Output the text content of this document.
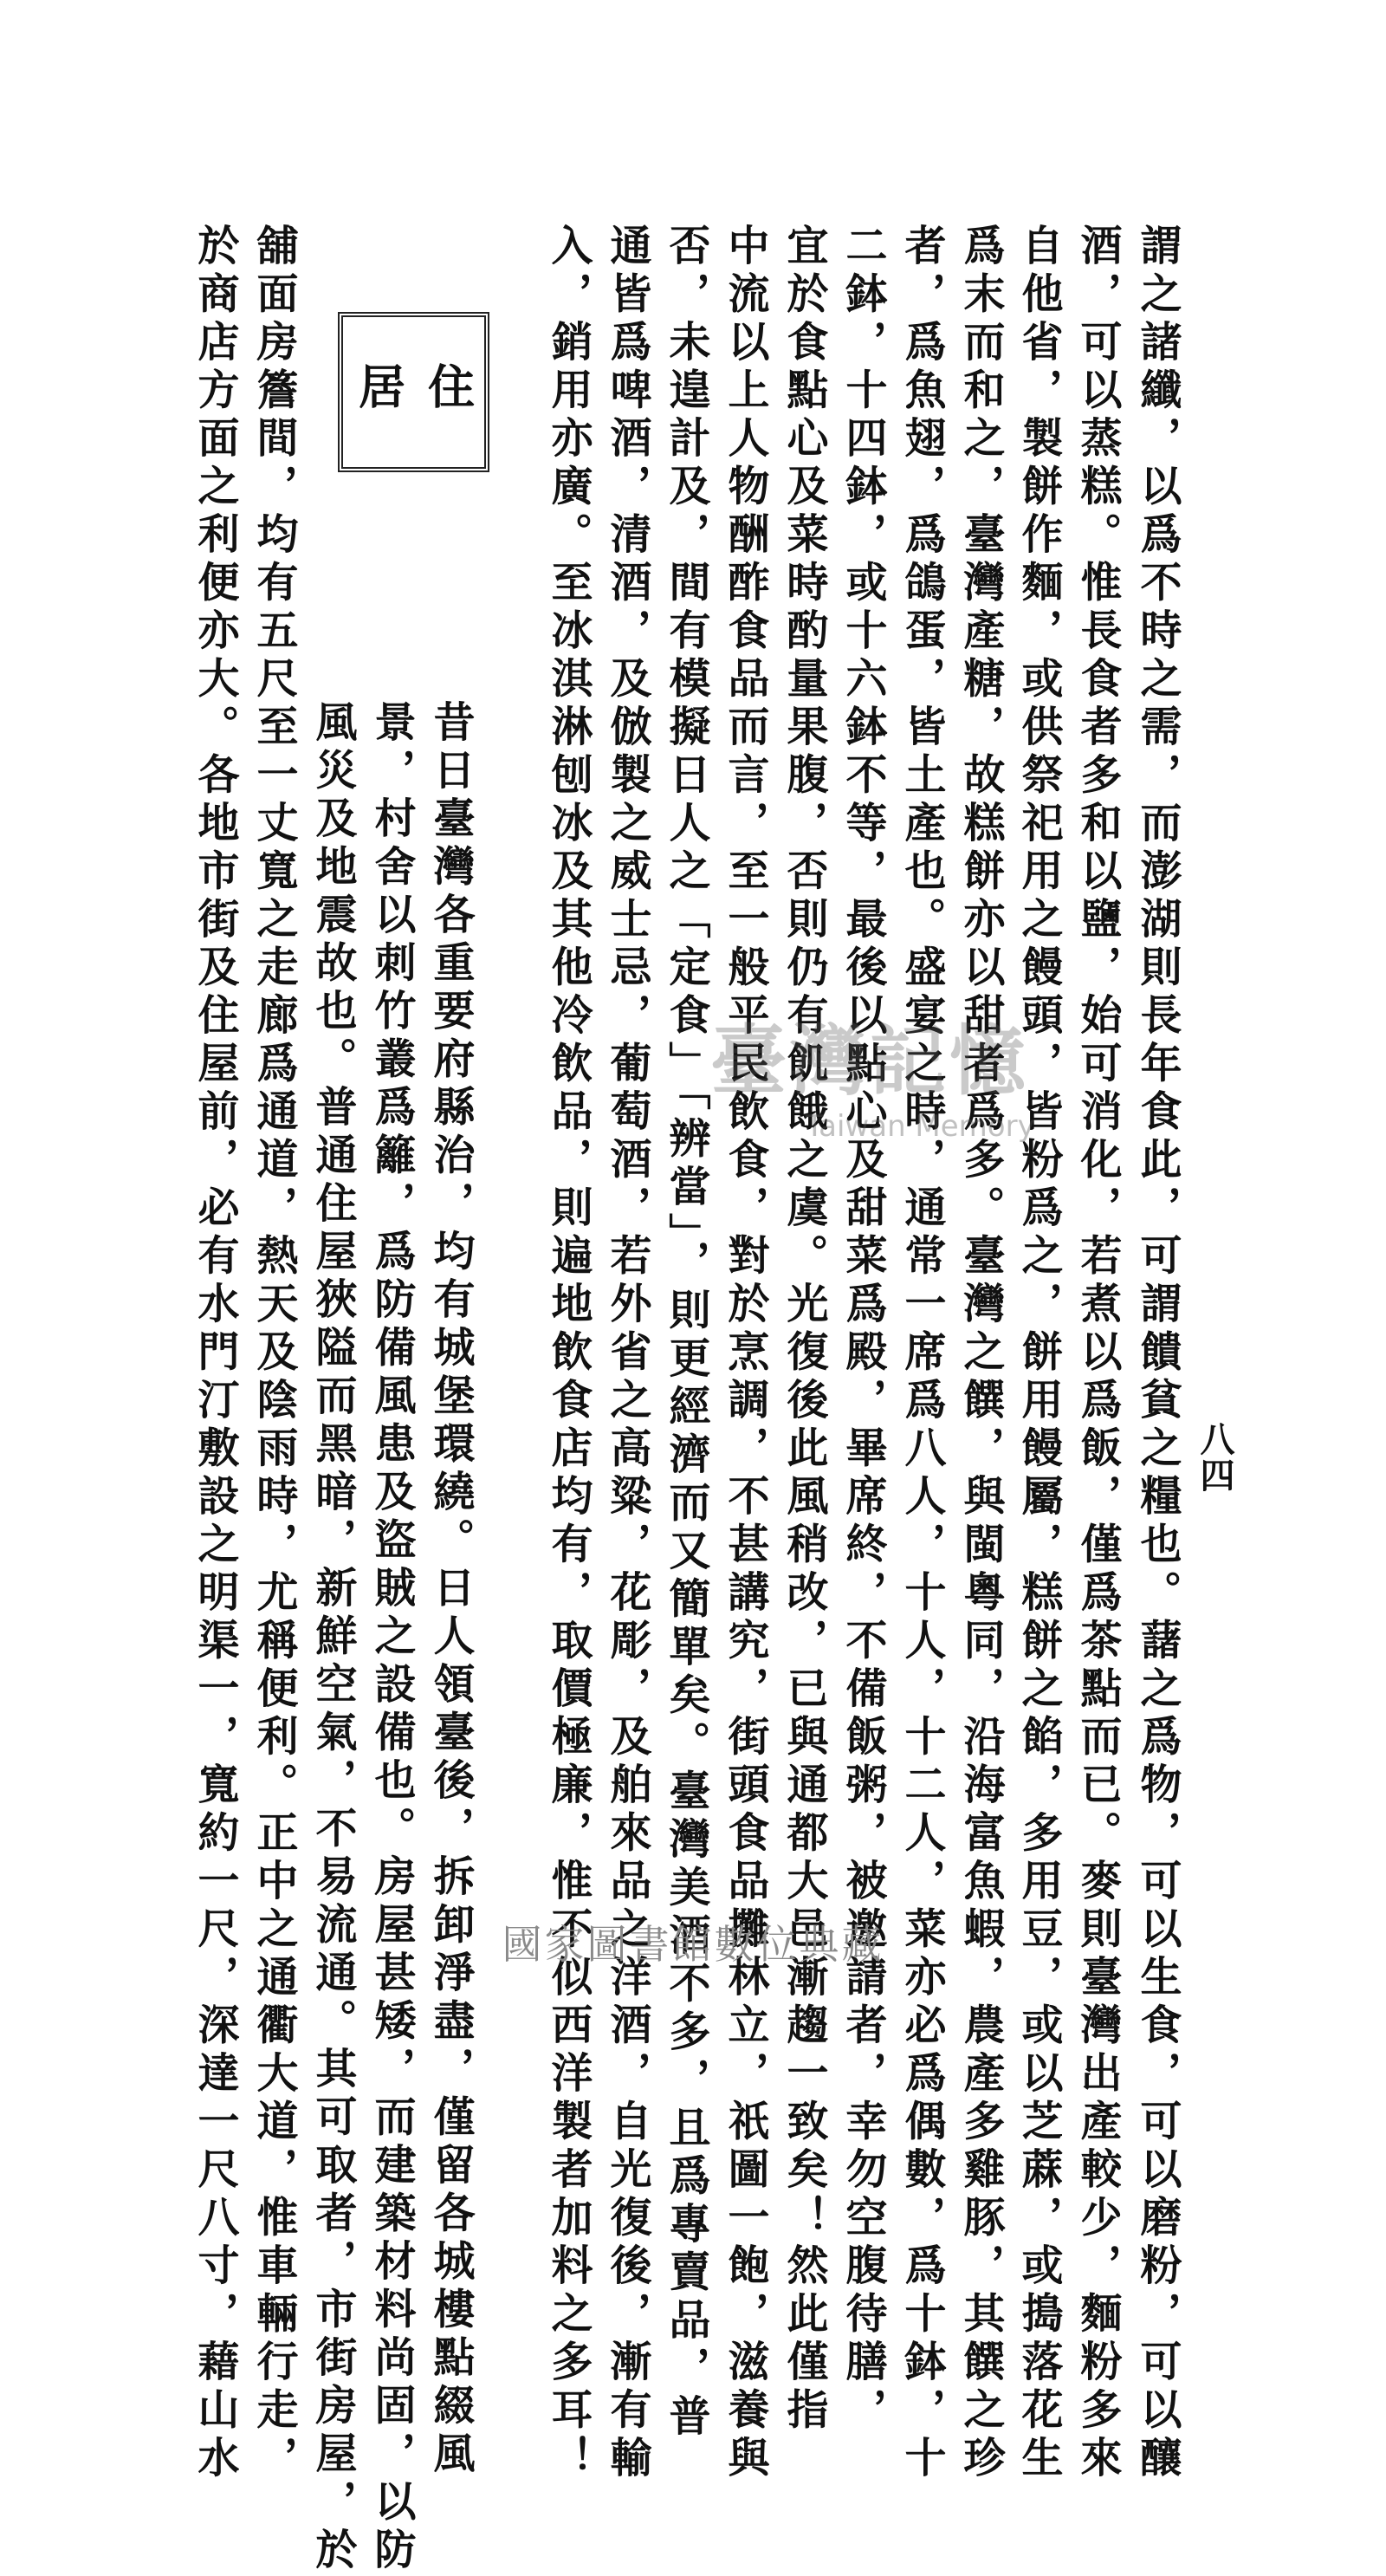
八四
謂之諸纖，以爲不時之需，而澎湖則長年食此，可謂饋貧之糧也。藷之爲物，可以生食，可以磨粉，可以釀
酒，可以蒸糕。惟長食者多和以鹽，始可消化，若煮以爲飯，僅爲茶點而已。麥則臺灣出產較少，麵粉多來
自他省，製餅作麵，或供祭祀用之饅頭，皆粉爲之，餅用饅屬，糕餅之餡，多用豆，或以芝蔴，或搗落花生
爲末而和之，臺灣產糖，故糕餅亦以甜者爲多。臺灣之饌，與閩粵同，沿海富魚蝦，農產多雞豚，其饌之珍
者，爲魚翅，爲鴿蛋，皆土產也。盛宴之時，通常一席爲八人，十人，十二人，菜亦必爲偶數，爲十鉢，十
二鉢，十四鉢，或十六鉢不等，最後以點心及甜菜爲殿，畢席終，不備飯粥，被邀請者，幸勿空腹待膳，
宜於食點心及菜時酌量果腹，否則仍有飢餓之虞。光復後此風稍改，已與通都大邑漸趨一致矣！然此僅指
中流以上人物酬酢食品而言，至一般平民飲食，對於烹調，不甚講究，街頭食品攤林立，祇圖一飽，滋養與
否，未遑計及，間有模擬日人之「定食」「辨當」，則更經濟而又簡單矣。臺灣美酒不多，且爲專賣品，普
通皆爲啤酒，清酒，及倣製之威士忌，葡萄酒，若外省之高粱，花彫，及舶來品之洋酒，自光復後，漸有輸
入，銷用亦廣。至冰淇淋刨冰及其他冷飲品，則遍地飲食店均有，取價極廉，惟不似西洋製者加料之多耳！
昔日臺灣各重要府縣治，均有城堡環繞。日人領臺後，拆卸淨盡，僅留各城樓點綴風
景，村舍以刺竹叢爲籬，爲防備風患及盜賊之設備也。房屋甚矮，而建築材料尚固，以防
風災及地震故也。普通住屋狹隘而黑暗，新鮮空氣，不易流通。其可取者，市街房屋，於
舖面房簷間，均有五尺至一丈寬之走廊爲通道，熱天及陰雨時，尤稱便利。正中之通衢大道，惟車輛行走，
於商店方面之利便亦大。各地市街及住屋前，必有水門汀敷設之明渠一，寬約一尺，深達一尺八寸，藉山水	住
居
臺灣記憶
Taiwan Memory
國家圖書館數位典藏
